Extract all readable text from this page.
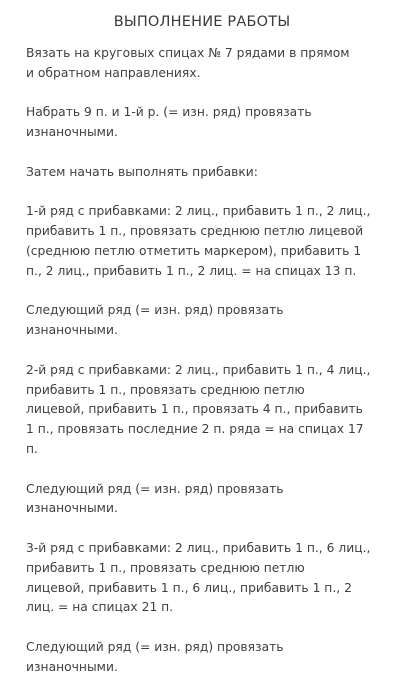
ВЫПОЛНЕНИЕ РАБОТЫ

Вязать на круговых спицах № 7 рядами в прямом
и обратном направлениях.

Набрать 9 п. и 1-й р. (= изн. ряд) провязать
изнаночными.

Затем начать выполнять прибавки:

1-й ряд с прибавками: 2 лиц., прибавить 1 п., 2 лиц.,
прибавить 1 п., провязать среднюю петлю лицевой
(среднюю петлю отметить маркером), прибавить 1
п., 2 лиц., прибавить 1 п., 2 лиц. = на спицах 13 п.

Следующий ряд (= изн. ряд) провязать
изнаночными.

2-й ряд с прибавками: 2 лиц., прибавить 1 п., 4 лиц.,
прибавить 1 п., провязать среднюю петлю
лицевой, прибавить 1 п., провязать 4 п., прибавить
1 п., провязать последние 2 п. ряда = на спицах 17
п.

Следующий ряд (= изн. ряд) провязать
изнаночными.

3-й ряд с прибавками: 2 лиц., прибавить 1 п., 6 лиц.,
прибавить 1 п., провязать среднюю петлю
лицевой, прибавить 1 п., 6 лиц., прибавить 1 п., 2
лиц. = на спицах 21 п.

Следующий ряд (= изн. ряд) провязать
изнаночными.
